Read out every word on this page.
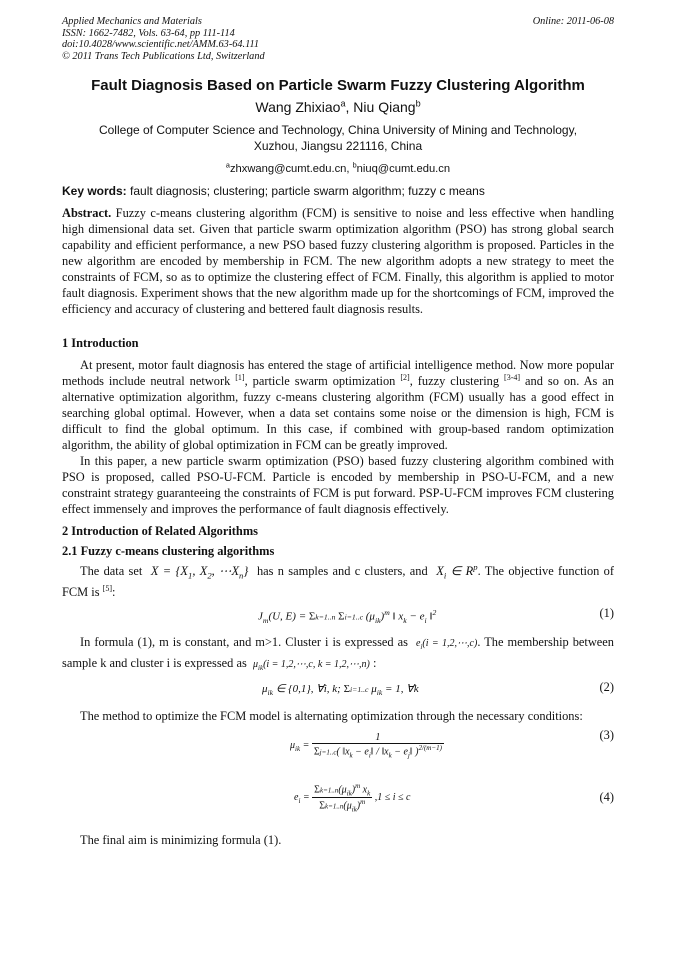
Applied Mechanics and Materials
ISSN: 1662-7482, Vols. 63-64, pp 111-114
doi:10.4028/www.scientific.net/AMM.63-64.111
© 2011 Trans Tech Publications Ltd, Switzerland
Online: 2011-06-08
Fault Diagnosis Based on Particle Swarm Fuzzy Clustering Algorithm
Wang Zhixiao$^a$, Niu Qiang$^b$
College of Computer Science and Technology, China University of Mining and Technology,
Xuzhou, Jiangsu 221116, China
$^a$zhxwang@cumt.edu.cn, $^b$niuq@cumt.edu.cn
Key words: fault diagnosis; clustering; particle swarm algorithm; fuzzy c means
Abstract. Fuzzy c-means clustering algorithm (FCM) is sensitive to noise and less effective when handling high dimensional data set. Given that particle swarm optimization algorithm (PSO) has strong global search capability and efficient performance, a new PSO based fuzzy clustering algorithm is proposed. Particles in the new algorithm are encoded by membership in FCM. The new algorithm adopts a new strategy to meet the constraints of FCM, so as to optimize the clustering effect of FCM. Finally, this algorithm is applied to motor fault diagnosis. Experiment shows that the new algorithm made up for the shortcomings of FCM, improved the efficiency and accuracy of clustering and bettered fault diagnosis results.
1 Introduction
At present, motor fault diagnosis has entered the stage of artificial intelligence method. Now more popular methods include neutral network [1], particle swarm optimization [2], fuzzy clustering [3-4] and so on. As an alternative optimization algorithm, fuzzy c-means clustering algorithm (FCM) usually has a good effect in searching global optimal. However, when a data set contains some noise or the dimension is high, FCM is difficult to find the global optimum. In this case, if combined with group-based random optimization algorithm, the ability of global optimization in FCM can be greatly improved.
In this paper, a new particle swarm optimization (PSO) based fuzzy clustering algorithm combined with PSO is proposed, called PSO-U-FCM. Particle is encoded by membership in PSO-U-FCM, and a new constraint strategy guaranteeing the constraints of FCM is put forward. PSP-U-FCM improves FCM clustering effect immensely and improves the performance of fault diagnosis effectively.
2 Introduction of Related Algorithms
2.1 Fuzzy c-means clustering algorithms
The data set $X = \{X_1$, $X_2$, $\cdots X_n$} has n samples and c clusters, and $X_i$ ∈ $R^p$. The objective function of FCM is [5]:
$J_m(U$, E) = Σk=1..n Σi=1..c $(\mu_{ik})^m$ ‖ $x_k - e_i$ ‖$^2$	(1)
In formula (1), m is constant, and m>1. Cluster i is expressed as $e_i(i$ = 1,2,⋯,c). The membership between sample k and cluster i is expressed as $\mu_{ik}(i$ = 1,2,⋯,c, k = 1,2,⋯,n) :
$\mu_{ik}$ ∈ {0,1}, ∀i, k; Σi=1..c $\mu_{ik} = 1$, ∀k	(2)
The method to optimize the FCM model is alternating optimization through the necessary conditions:
$\mu_{ik} = \frac{1}{\Sigma j=1..c( ‖x_k - e_i‖ / ‖x_k - e_j‖ )^{2/(m-1)}}$	(3)
$e_i = \frac{\Sigma k=1..n(\mu_{ik})^m x_k}{\Sigma k=1..n(\mu_{ik})^m} ,1 \le i \le c$	(4)
The final aim is minimizing formula (1).
